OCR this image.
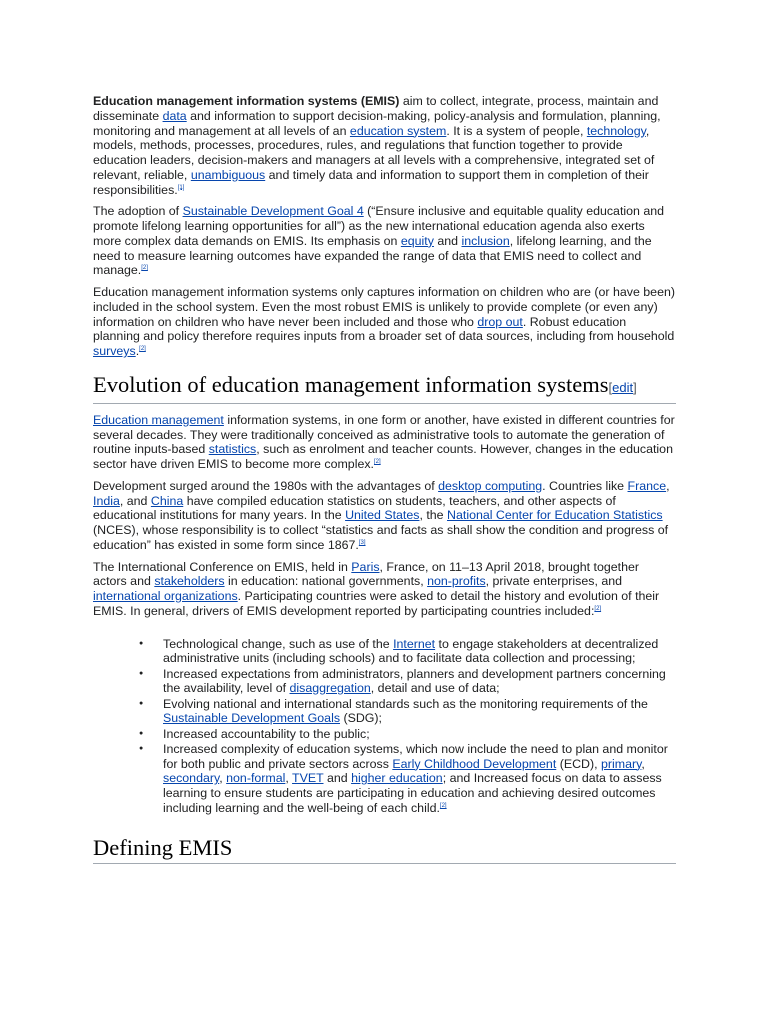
Education management information systems (EMIS) aim to collect, integrate, process, maintain and disseminate data and information to support decision-making, policy-analysis and formulation, planning, monitoring and management at all levels of an education system. It is a system of people, technology, models, methods, processes, procedures, rules, and regulations that function together to provide education leaders, decision-makers and managers at all levels with a comprehensive, integrated set of relevant, reliable, unambiguous and timely data and information to support them in completion of their responsibilities.[1]

The adoption of Sustainable Development Goal 4 (“Ensure inclusive and equitable quality education and promote lifelong learning opportunities for all”) as the new international education agenda also exerts more complex data demands on EMIS. Its emphasis on equity and inclusion, lifelong learning, and the need to measure learning outcomes have expanded the range of data that EMIS need to collect and manage.[2]

Education management information systems only captures information on children who are (or have been) included in the school system. Even the most robust EMIS is unlikely to provide complete (or even any) information on children who have never been included and those who drop out. Robust education planning and policy therefore requires inputs from a broader set of data sources, including from household surveys.[2]

Evolution of education management information systems[edit]

Education management information systems, in one form or another, have existed in different countries for several decades. They were traditionally conceived as administrative tools to automate the generation of routine inputs-based statistics, such as enrolment and teacher counts. However, changes in the education sector have driven EMIS to become more complex.[2]

Development surged around the 1980s with the advantages of desktop computing. Countries like France, India, and China have compiled education statistics on students, teachers, and other aspects of educational institutions for many years. In the United States, the National Center for Education Statistics (NCES), whose responsibility is to collect “statistics and facts as shall show the condition and progress of education” has existed in some form since 1867.[3]

The International Conference on EMIS, held in Paris, France, on 11–13 April 2018, brought together actors and stakeholders in education: national governments, non-profits, private enterprises, and international organizations. Participating countries were asked to detail the history and evolution of their EMIS. In general, drivers of EMIS development reported by participating countries included:[2]

● Technological change, such as use of the Internet to engage stakeholders at decentralized administrative units (including schools) and to facilitate data collection and processing;
● Increased expectations from administrators, planners and development partners concerning the availability, level of disaggregation, detail and use of data;
● Evolving national and international standards such as the monitoring requirements of the Sustainable Development Goals (SDG);
● Increased accountability to the public;
● Increased complexity of education systems, which now include the need to plan and monitor for both public and private sectors across Early Childhood Development (ECD), primary, secondary, non-formal, TVET and higher education; and Increased focus on data to assess learning to ensure students are participating in education and achieving desired outcomes including learning and the well-being of each child.[2]
Defining EMIS
